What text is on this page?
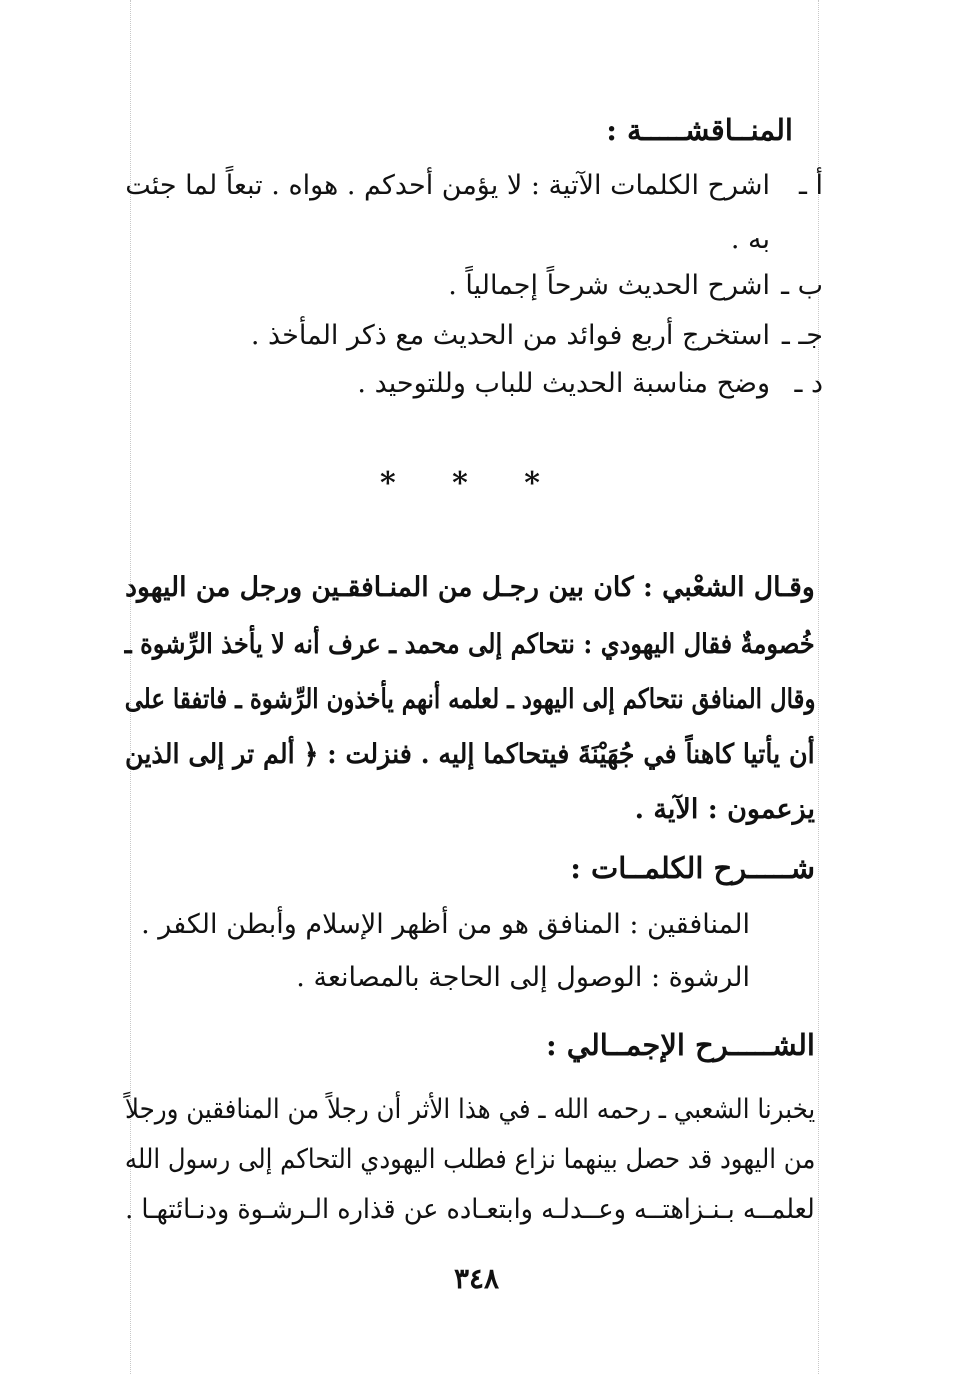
المنــاقشـــــة :
أ ـ
اشرح الكلمات الآتية : لا يؤمن أحدكم . هواه . تبعاً لما جئت
به .
ب ـ
اشرح الحديث شرحاً إجمالياً .
جـ ـ
استخرج أربع فوائد من الحديث مع ذكر المأخذ .
د ـ
وضح مناسبة الحديث للباب وللتوحيد .
*
*
*
وقـال الشعْبي : كان بين رجـل من المنـافقـين ورجل من اليهود
خُصومةٌ فقال اليهودي : نتحاكم إلى محمد ـ عرف أنه لا يأخذ الرِّشوة ـ
وقال المنافق نتحاكم إلى اليهود ـ لعلمه أنهم يأخذون الرِّشوة ـ فاتفقا على
أن يأتيا كاهناً في جُهَيْنَةَ فيتحاكما إليه . فنزلت : ﴿ ألم تر إلى الذين
يزعمون : الآية .
شـــــرح الكلمــات :
المنافقين : المنافق هو من أظهر الإسلام وأبطن الكفر .
الرشوة : الوصول إلى الحاجة بالمصانعة .
الشـــــرح الإجمــالي :
يخبرنا الشعبي ـ رحمه الله ـ في هذا الأثر أن رجلاً من المنافقين ورجلاً
من اليهود قد حصل بينهما نزاع فطلب اليهودي التحاكم إلى رسول الله
لعلمــه بـنـزاهتــه وعــدلـه وابتعـاده عن قذاره الـرشـوة ودنـائتهـا .
٣٤٨
